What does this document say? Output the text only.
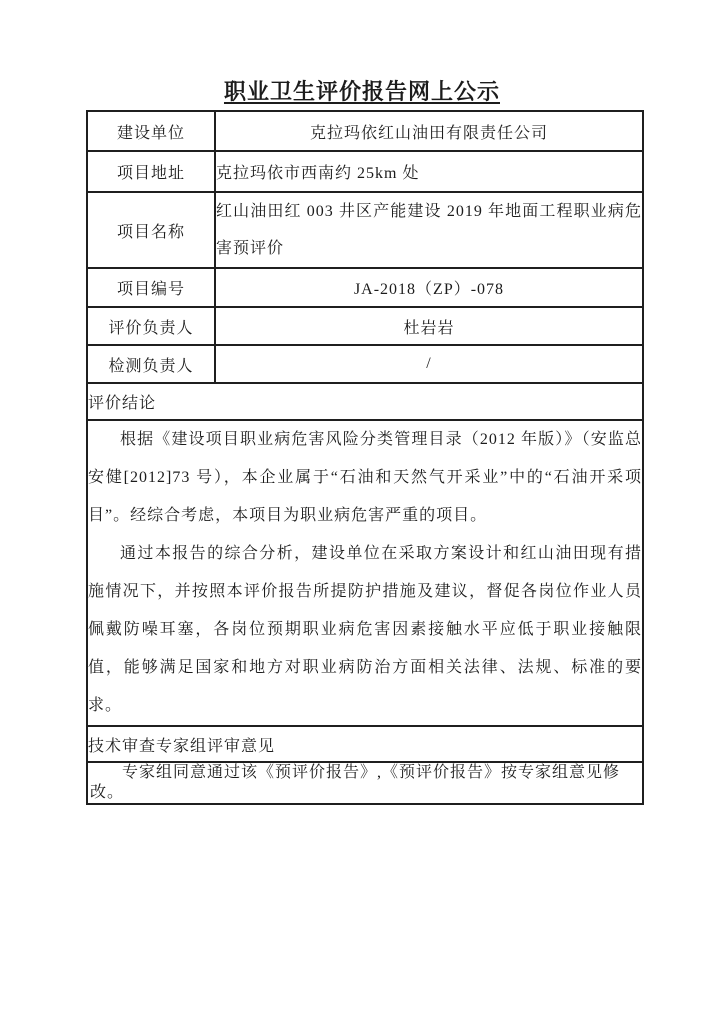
职业卫生评价报告网上公示
建设单位	克拉玛依红山油田有限责任公司
项目地址	克拉玛依市西南约 25km 处
项目名称	红山油田红 003 井区产能建设 2019 年地面工程职业病危害预评价
项目编号	JA-2018（ZP）-078
评价负责人	杜岩岩
检测负责人	/
评价结论	

根据《建设项目职业病危害风险分类管理目录（2012 年版）》（安监总安健[2012]73 号），本企业属于“石油和天然气开采业”中的“石油开采项目”。经综合考虑，本项目为职业病危害严重的项目。

通过本报告的综合分析，建设单位在采取方案设计和红山油田现有措施情况下，并按照本评价报告所提防护措施及建议，督促各岗位作业人员佩戴防噪耳塞，各岗位预期职业病危害因素接触水平应低于职业接触限值，能够满足国家和地方对职业病防治方面相关法律、法规、标准的要求。	

技术审查专家组评审意见	

专家组同意通过该《预评价报告》,《预评价报告》按专家组意见修改。	
